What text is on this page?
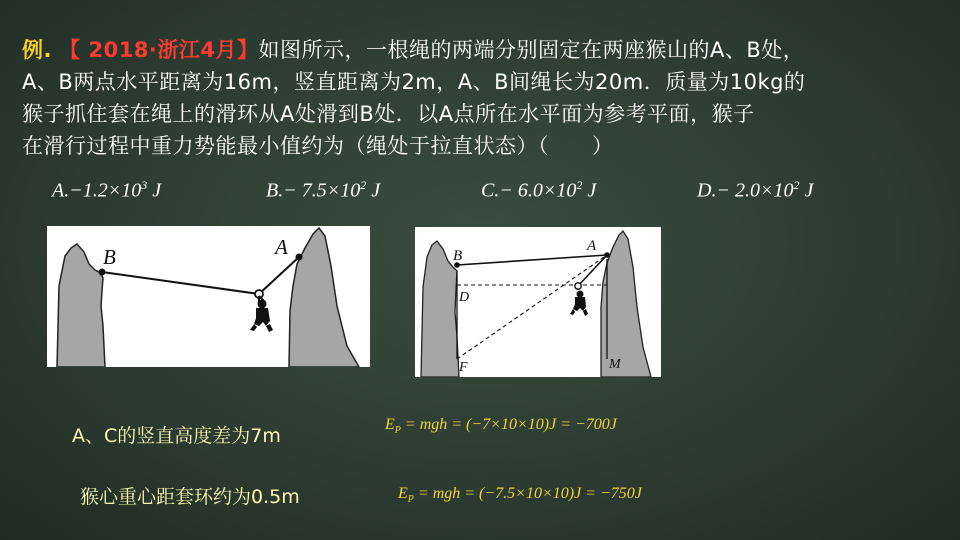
例. 【 2018·浙江4月】如图所示，一根绳的两端分别固定在两座猴山的A、B处，
A、B两点水平距离为16m，竖直距离为2m，A、B间绳长为20m．质量为10kg的
猴子抓住套在绳上的滑环从A处滑到B处．以A点所在水平面为参考平面，猴子
在滑行过程中重力势能最小值约为（绳处于拉直状态）（　　）
$A.-1.2\times 10^3$ J	$B.- 7.5\times 10^2$ J	$C.- 6.0\times 10^2$ J	$D.- 2.0\times 10^2$ J
B	A	B
A
D
F	M
A、C的竖直高度差为7m
猴心重心距套环约为0.5m
$E_P$ = mgh = (−7×10×10)J = −700J
$E_P$ = mgh = (−7.5×10×10)J = −750J
